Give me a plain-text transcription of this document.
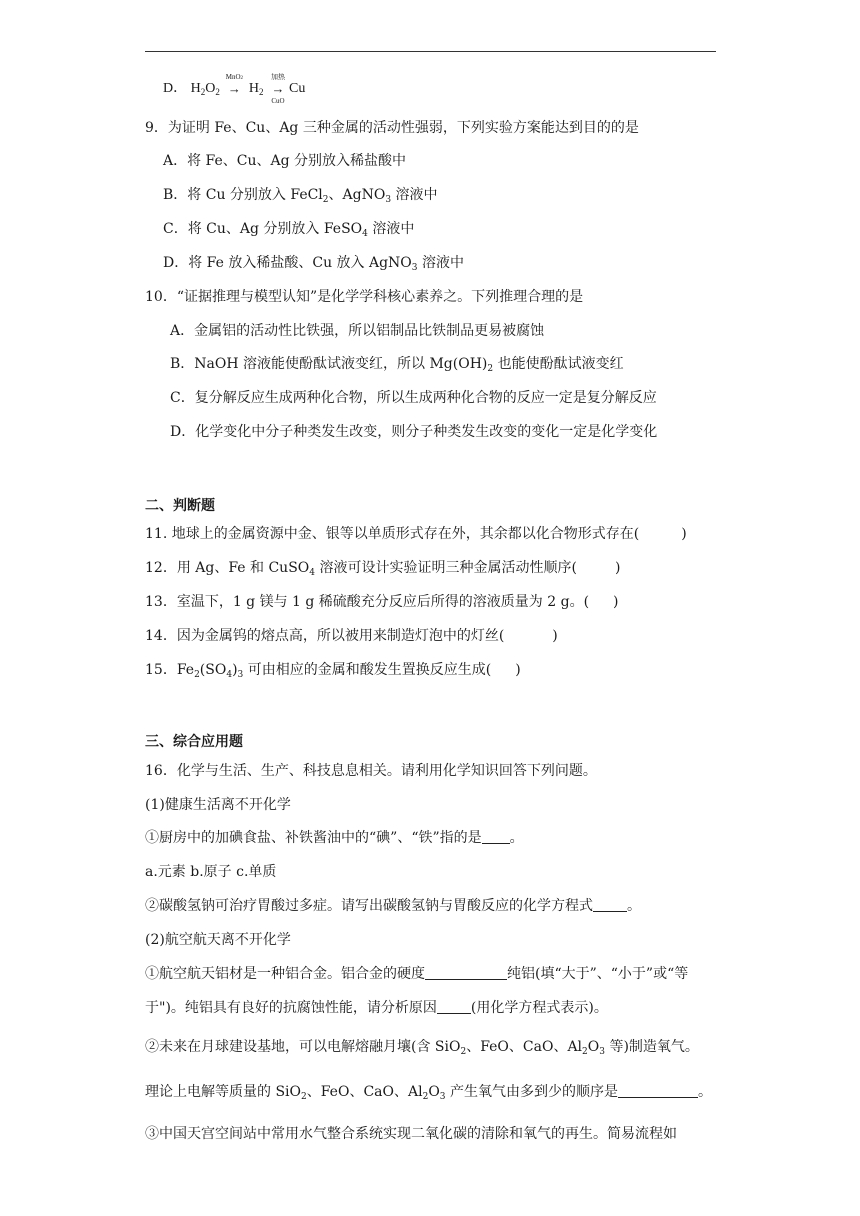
D． $H_2O_2$
MnO2
→ $H_2$
加热
→
CuO
Cu
9．为证明 Fe、Cu、Ag 三种金属的活动性强弱，下列实验方案能达到目的的是
A．将 Fe、Cu、Ag 分别放入稀盐酸中
B．将 Cu 分别放入 FeCl$_2$、AgNO$_3$ 溶液中
C．将 Cu、Ag 分别放入 FeSO$_4$ 溶液中
D．将 Fe 放入稀盐酸、Cu 放入 AgNO$_3$ 溶液中
10．“证据推理与模型认知”是化学学科核心素养之。下列推理合理的是
A．金属铝的活动性比铁强，所以铝制品比铁制品更易被腐蚀
B．NaOH 溶液能使酚酞试液变红，所以 $Mg(OH)_2$ 也能使酚酞试液变红
C．复分解反应生成两种化合物，所以生成两种化合物的反应一定是复分解反应
D．化学变化中分子种类发生改变，则分子种类发生改变的变化一定是化学变化
二、判断题
11. 地球上的金属资源中金、银等以单质形式存在外，其余都以化合物形式存在(	)
12．用 Ag、Fe 和 CuSO$_4$ 溶液可设计实验证明三种金属活动性顺序(	)
13．室温下，1 g 镁与 1 g 稀硫酸充分反应后所得的溶液质量为 2 g。( )
14．因为金属钨的熔点高，所以被用来制造灯泡中的灯丝(	)
15．$Fe_2(SO_4)_3$ 可由相应的金属和酸发生置换反应生成( )
三、综合应用题
16．化学与生活、生产、科技息息相关。请利用化学知识回答下列问题。
(1)健康生活离不开化学
①厨房中的加碘食盐、补铁酱油中的“碘”、“铁”指的是 。
a.元素 b.原子 c.单质
②碳酸氢钠可治疗胃酸过多症。请写出碳酸氢钠与胃酸反应的化学方程式 。
(2)航空航天离不开化学
①航空航天铝材是一种铝合金。铝合金的硬度	纯铝(填“大于”、“小于”或“等
于")。纯铝具有良好的抗腐蚀性能，请分析原因 (用化学方程式表示)。
②未来在月球建设基地，可以电解熔融月壤(含 SiO$_2$、FeO、CaO、$Al_2O_3$ 等)制造氧气。
理论上电解等质量的 SiO$_2$、FeO、CaO、$Al_2O_3$ 产生氧气由多到少的顺序是	。
③中国天宫空间站中常用水气整合系统实现二氧化碳的清除和氧气的再生。简易流程如
